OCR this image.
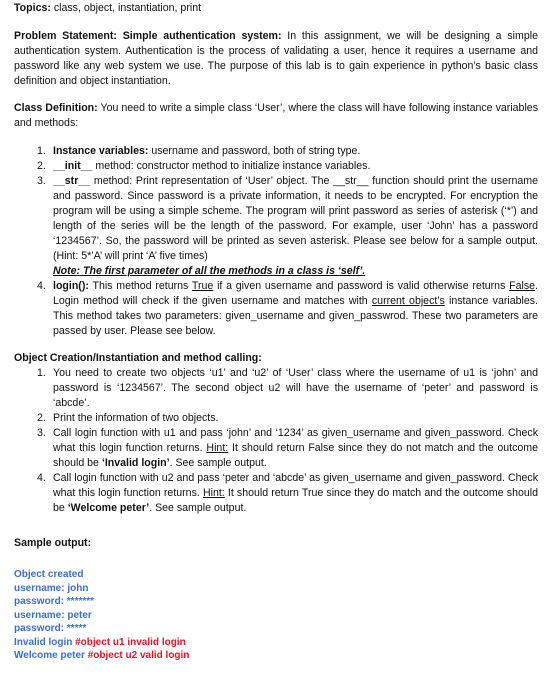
Topics: class, object, instantiation, print

Problem Statement: Simple authentication system: In this assignment, we will be designing a simple authentication system. Authentication is the process of validating a user, hence it requires a username and password like any web system we use. The purpose of this lab is to gain experience in python’s basic class definition and object instantiation.

Class Definition: You need to write a simple class ‘User’, where the class will have following instance variables and methods:

1. Instance variables: username and password, both of string type.
2. __init__ method: constructor method to initialize instance variables.
3. __str__ method: Print representation of ‘User’ object. The __str__ function should print the username and password. Since password is a private information, it needs to be encrypted. For encryption the program will be using a simple scheme. The program will print password as series of asterisk (‘*’) and length of the series will be the length of the password. For example, user ‘John’ has a password ‘1234567’. So, the password will be printed as seven asterisk. Please see below for a sample output. (Hint: 5*’A’ will print ‘A’ five times)
Note: The first parameter of all the methods in a class is ‘self’.
4. login(): This method returns True if a given username and password is valid otherwise returns False. Login method will check if the given username and matches with current object’s instance variables. This method takes two parameters: given_username and given_passwrod. These two parameters are passed by user. Please see below.

Object Creation/Instantiation and method calling:

1. You need to create two objects ‘u1’ and ‘u2’ of ‘User’ class where the username of u1 is ‘john’ and password is ‘1234567’. The second object u2 will have the username of ‘peter’ and password is ‘abcde’.
2. Print the information of two objects.
3. Call login function with u1 and pass ‘john’ and ‘1234’ as given_username and given_password. Check what this login function returns. Hint: It should return False since they do not match and the outcome should be ‘Invalid login’. See sample output.
4. Call login function with u2 and pass ‘peter and ‘abcde’ as given_username and given_password. Check what this login function returns. Hint: It should return True since they do match and the outcome should be ‘Welcome peter’. See sample output.

Sample output:

Object created
username: john
password: *******
username: peter
password: *****
Invalid login #object u1 invalid login
Welcome peter #object u2 valid login
